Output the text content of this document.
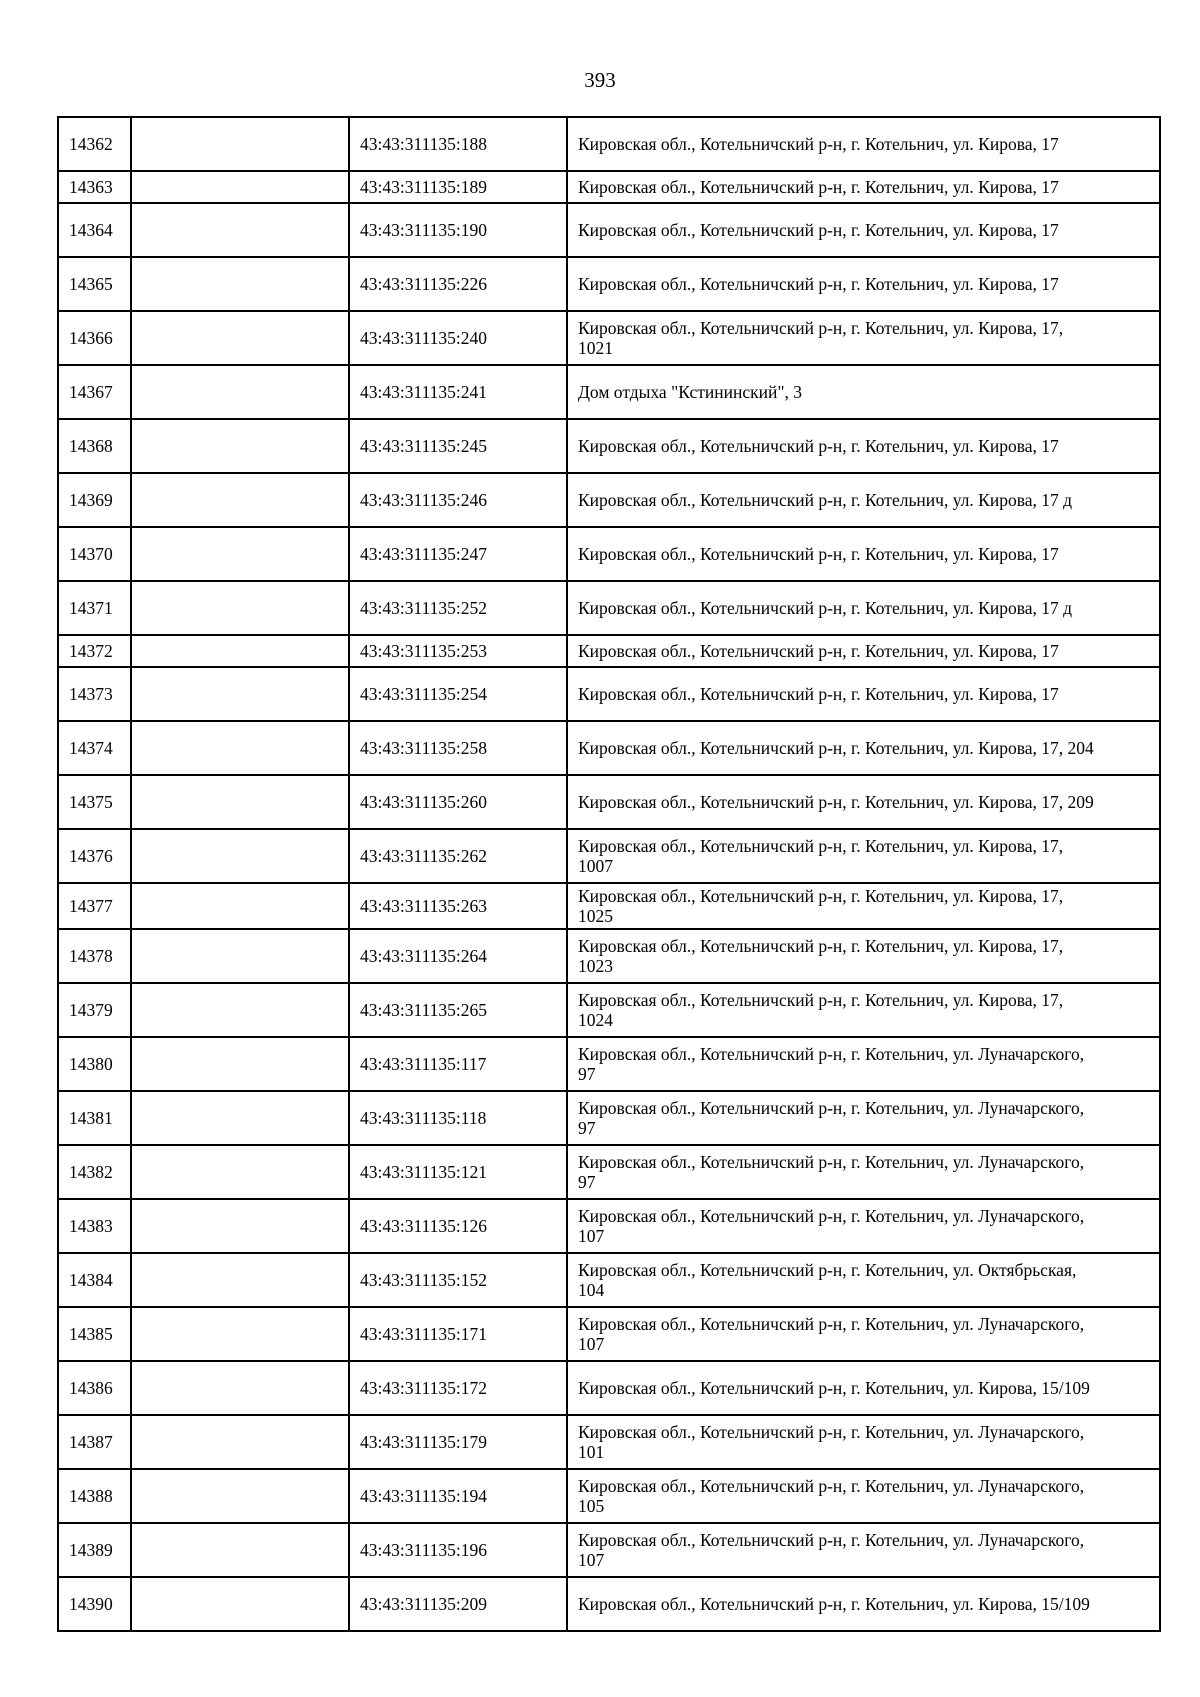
393
14362		43:43:311135:188	Кировская обл., Котельничский р-н, г. Котельнич, ул. Кирова, 17

14363		43:43:311135:189	Кировская обл., Котельничский р-н, г. Котельнич, ул. Кирова, 17

14364		43:43:311135:190	Кировская обл., Котельничский р-н, г. Котельнич, ул. Кирова, 17

14365		43:43:311135:226	Кировская обл., Котельничский р-н, г. Котельнич, ул. Кирова, 17

14366		43:43:311135:240	Кировская обл., Котельничский р-н, г. Котельнич, ул. Кирова, 17,
1021

14367		43:43:311135:241	Дом отдыха "Кстининский", 3

14368		43:43:311135:245	Кировская обл., Котельничский р-н, г. Котельнич, ул. Кирова, 17

14369		43:43:311135:246	Кировская обл., Котельничский р-н, г. Котельнич, ул. Кирова, 17 д

14370		43:43:311135:247	Кировская обл., Котельничский р-н, г. Котельнич, ул. Кирова, 17

14371		43:43:311135:252	Кировская обл., Котельничский р-н, г. Котельнич, ул. Кирова, 17 д

14372		43:43:311135:253	Кировская обл., Котельничский р-н, г. Котельнич, ул. Кирова, 17

14373		43:43:311135:254	Кировская обл., Котельничский р-н, г. Котельнич, ул. Кирова, 17

14374		43:43:311135:258	Кировская обл., Котельничский р-н, г. Котельнич, ул. Кирова, 17, 204

14375		43:43:311135:260	Кировская обл., Котельничский р-н, г. Котельнич, ул. Кирова, 17, 209

14376		43:43:311135:262	Кировская обл., Котельничский р-н, г. Котельнич, ул. Кирова, 17,
1007

14377		43:43:311135:263	Кировская обл., Котельничский р-н, г. Котельнич, ул. Кирова, 17,
1025

14378		43:43:311135:264	Кировская обл., Котельничский р-н, г. Котельнич, ул. Кирова, 17,
1023

14379		43:43:311135:265	Кировская обл., Котельничский р-н, г. Котельнич, ул. Кирова, 17,
1024

14380		43:43:311135:117	Кировская обл., Котельничский р-н, г. Котельнич, ул. Луначарского,
97

14381		43:43:311135:118	Кировская обл., Котельничский р-н, г. Котельнич, ул. Луначарского,
97

14382		43:43:311135:121	Кировская обл., Котельничский р-н, г. Котельнич, ул. Луначарского,
97

14383		43:43:311135:126	Кировская обл., Котельничский р-н, г. Котельнич, ул. Луначарского,
107

14384		43:43:311135:152	Кировская обл., Котельничский р-н, г. Котельнич, ул. Октябрьская,
104

14385		43:43:311135:171	Кировская обл., Котельничский р-н, г. Котельнич, ул. Луначарского,
107

14386		43:43:311135:172	Кировская обл., Котельничский р-н, г. Котельнич, ул. Кирова, 15/109

14387		43:43:311135:179	Кировская обл., Котельничский р-н, г. Котельнич, ул. Луначарского,
101

14388		43:43:311135:194	Кировская обл., Котельничский р-н, г. Котельнич, ул. Луначарского,
105

14389		43:43:311135:196	Кировская обл., Котельничский р-н, г. Котельнич, ул. Луначарского,
107

14390		43:43:311135:209	Кировская обл., Котельничский р-н, г. Котельнич, ул. Кирова, 15/109
